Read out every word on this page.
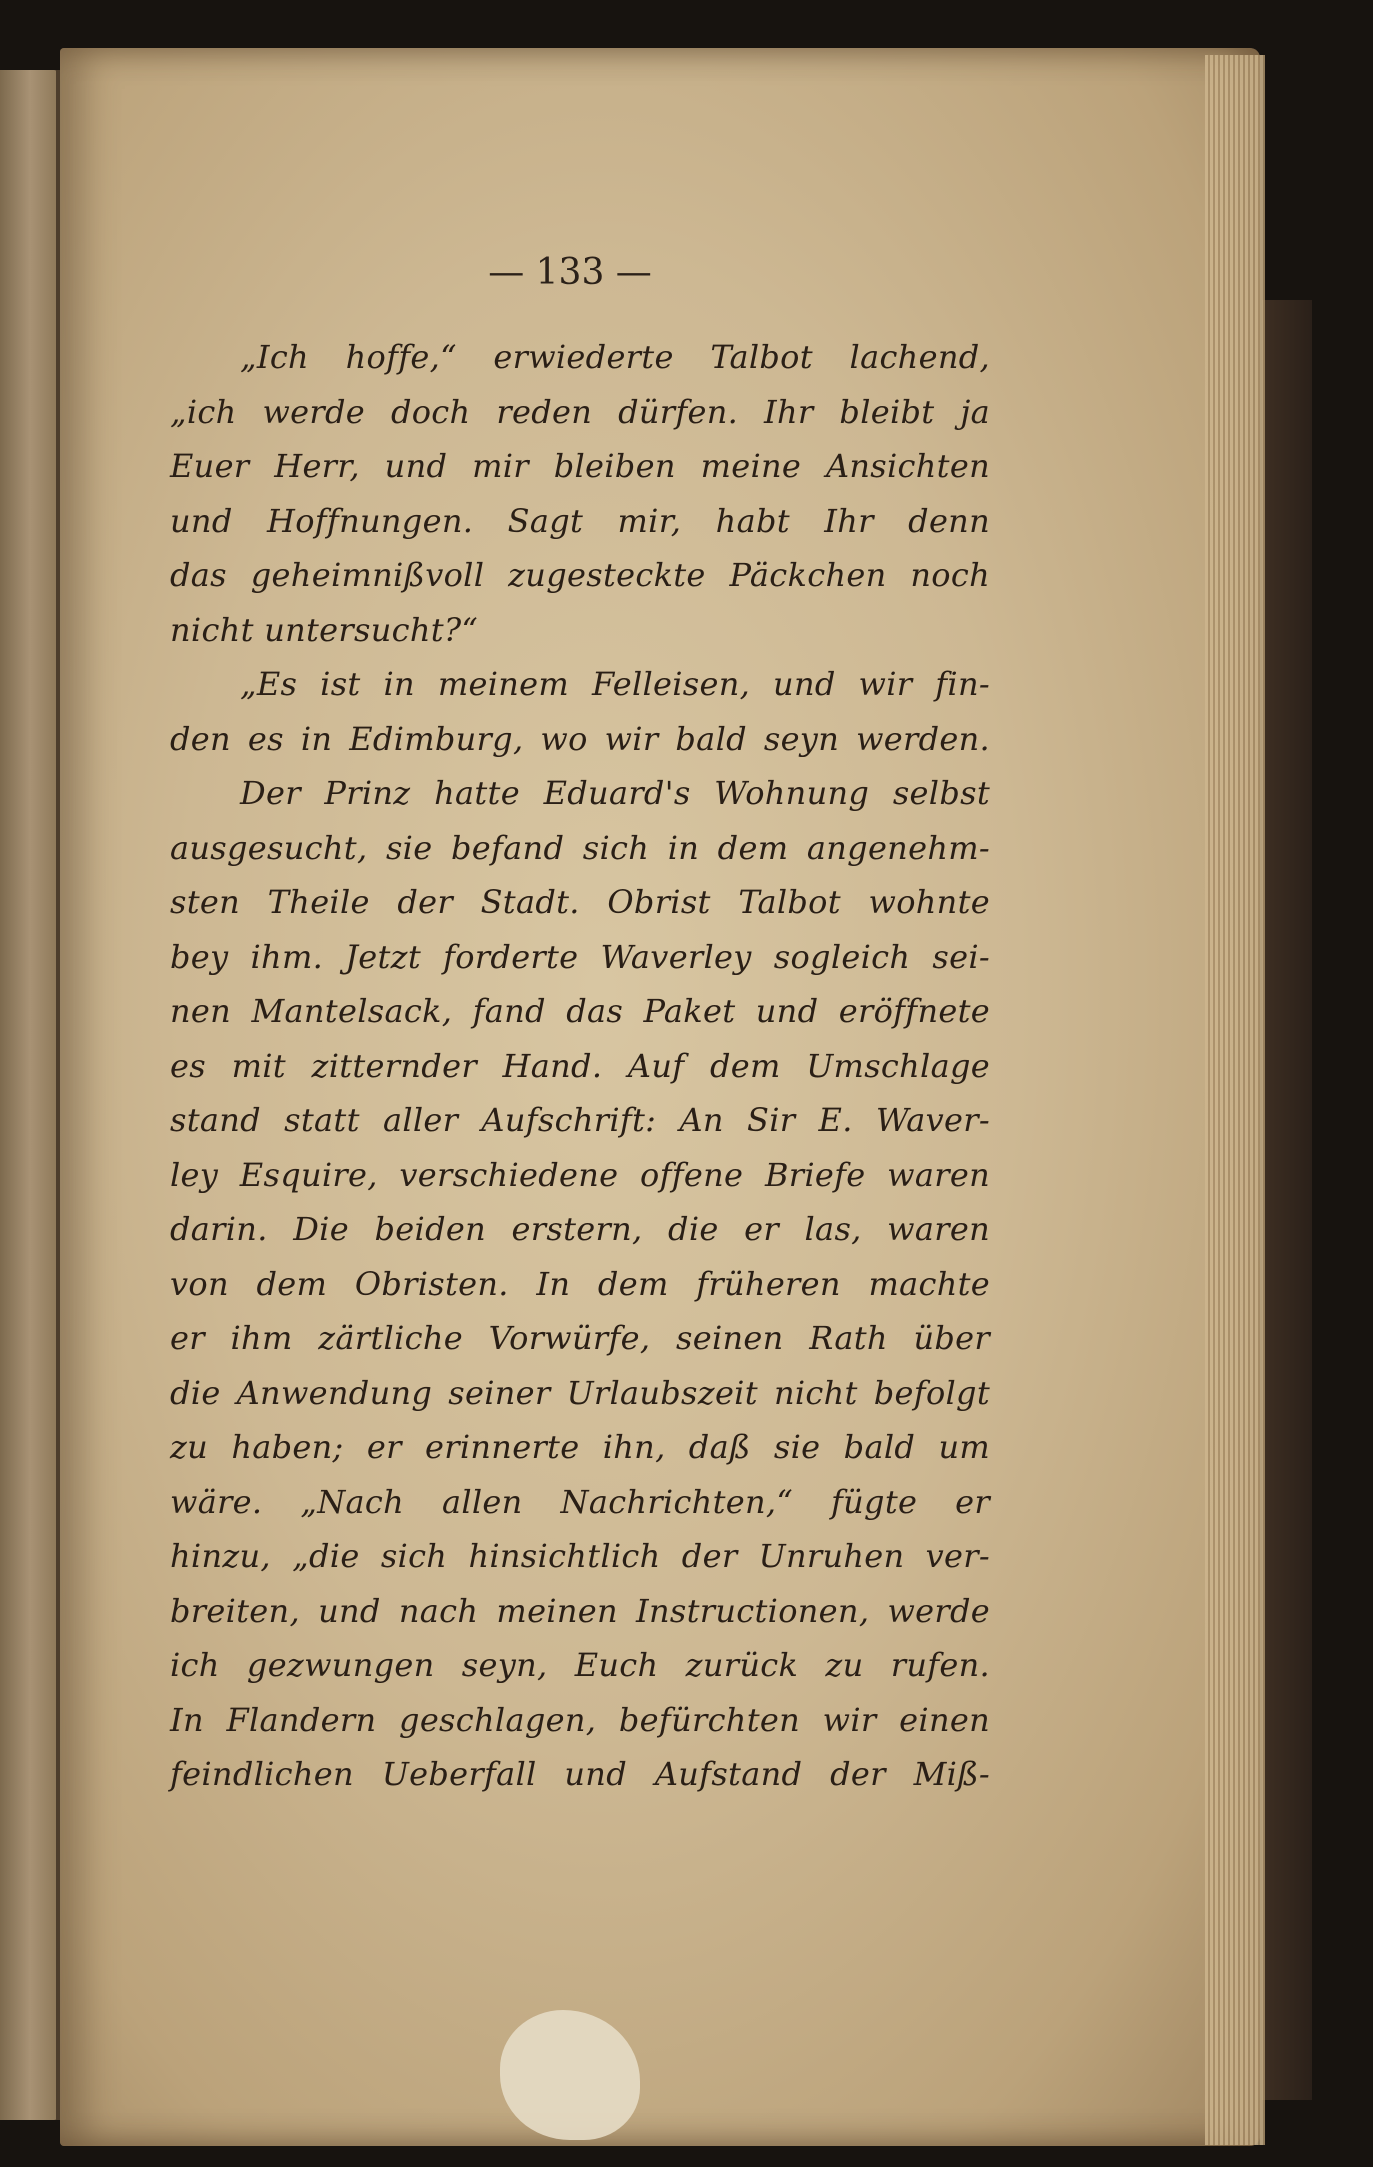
— 133 —
„Ich hoffe,“ erwiederte Talbot lachend,
„ich werde doch reden dürfen. Ihr bleibt ja
Euer Herr, und mir bleiben meine Ansichten
und Hoffnungen. Sagt mir, habt Ihr denn
das geheimnißvoll zugesteckte Päckchen noch
nicht untersucht?“
„Es ist in meinem Felleisen, und wir fin-
den es in Edimburg, wo wir bald seyn werden.
Der Prinz hatte Eduard's Wohnung selbst
ausgesucht, sie befand sich in dem angenehm-
sten Theile der Stadt. Obrist Talbot wohnte
bey ihm. Jetzt forderte Waverley sogleich sei-
nen Mantelsack, fand das Paket und eröffnete
es mit zitternder Hand. Auf dem Umschlage
stand statt aller Aufschrift: An Sir E. Waver-
ley Esquire, verschiedene offene Briefe waren
darin. Die beiden erstern, die er las, waren
von dem Obristen. In dem früheren machte
er ihm zärtliche Vorwürfe, seinen Rath über
die Anwendung seiner Urlaubszeit nicht befolgt
zu haben; er erinnerte ihn, daß sie bald um
wäre. „Nach allen Nachrichten,“ fügte er
hinzu, „die sich hinsichtlich der Unruhen ver-
breiten, und nach meinen Instructionen, werde
ich gezwungen seyn, Euch zurück zu rufen.
In Flandern geschlagen, befürchten wir einen
feindlichen Ueberfall und Aufstand der Miß-
